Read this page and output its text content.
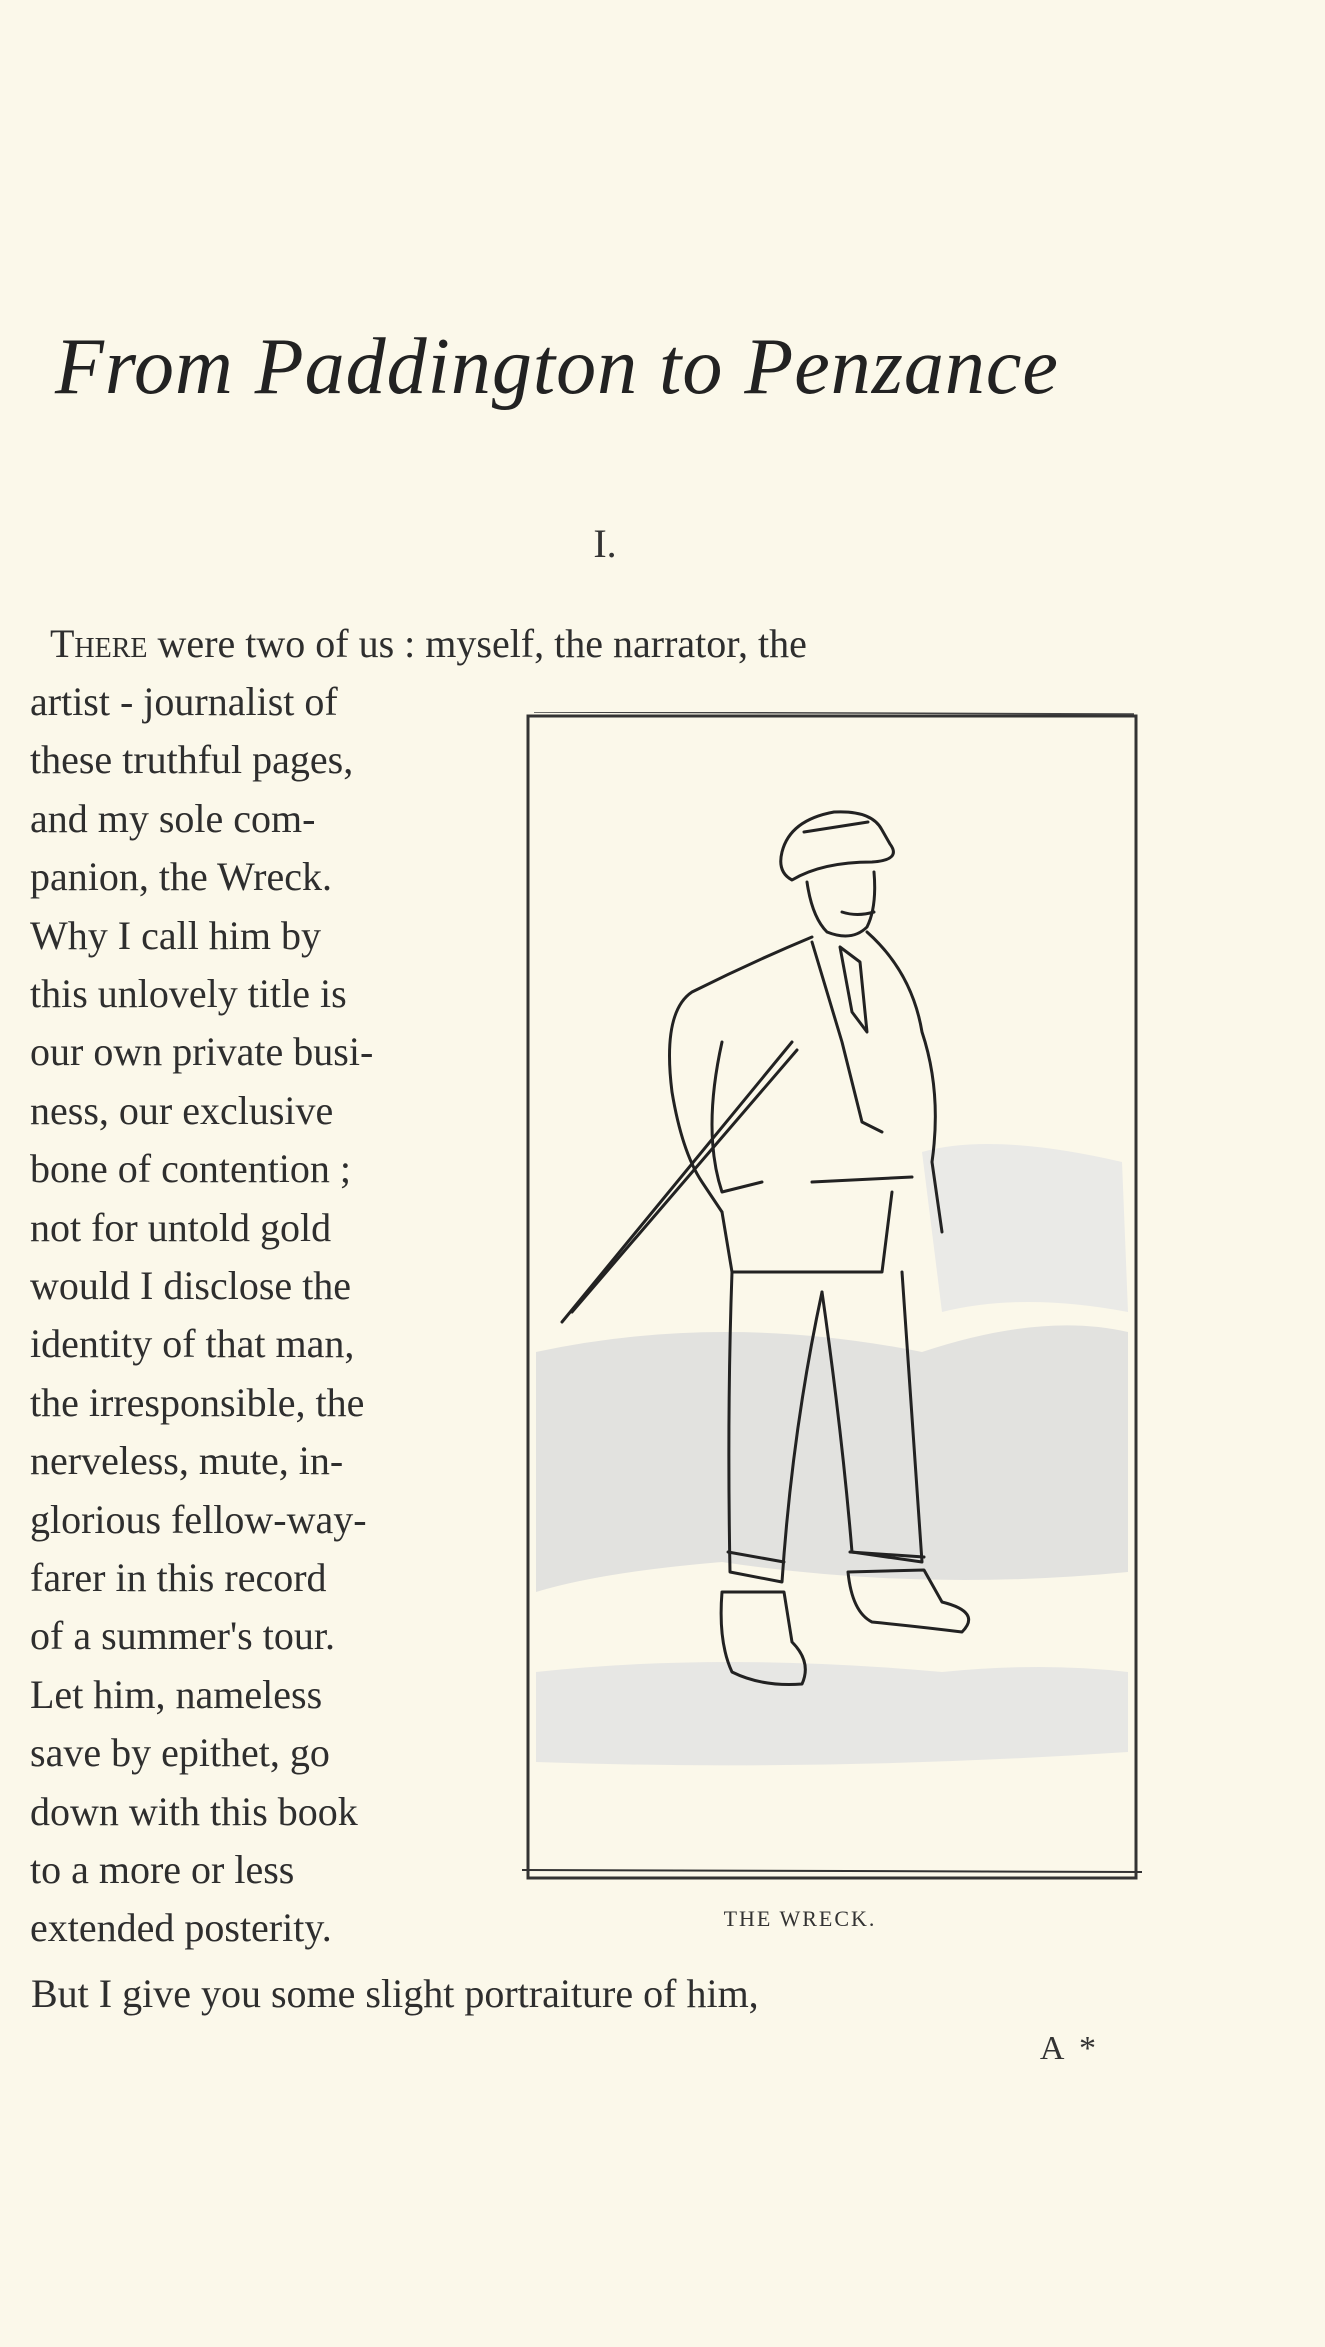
From Paddington to Penzance
I.
There were two of us : myself, the narrator, the
artist - journalist of
these truthful pages,
and my sole com-
panion, the Wreck.
Why I call him by
this unlovely title is
our own private busi-
ness, our exclusive
bone of contention ;
not for untold gold
would I disclose the
identity of that man,
the irresponsible, the
nerveless, mute, in-
glorious fellow-way-
farer in this record
of a summer's tour.
Let him, nameless
save by epithet, go
down with this book
to a more or less
extended posterity.
But I give you some slight portraiture of him,
THE WRECK.
A *
